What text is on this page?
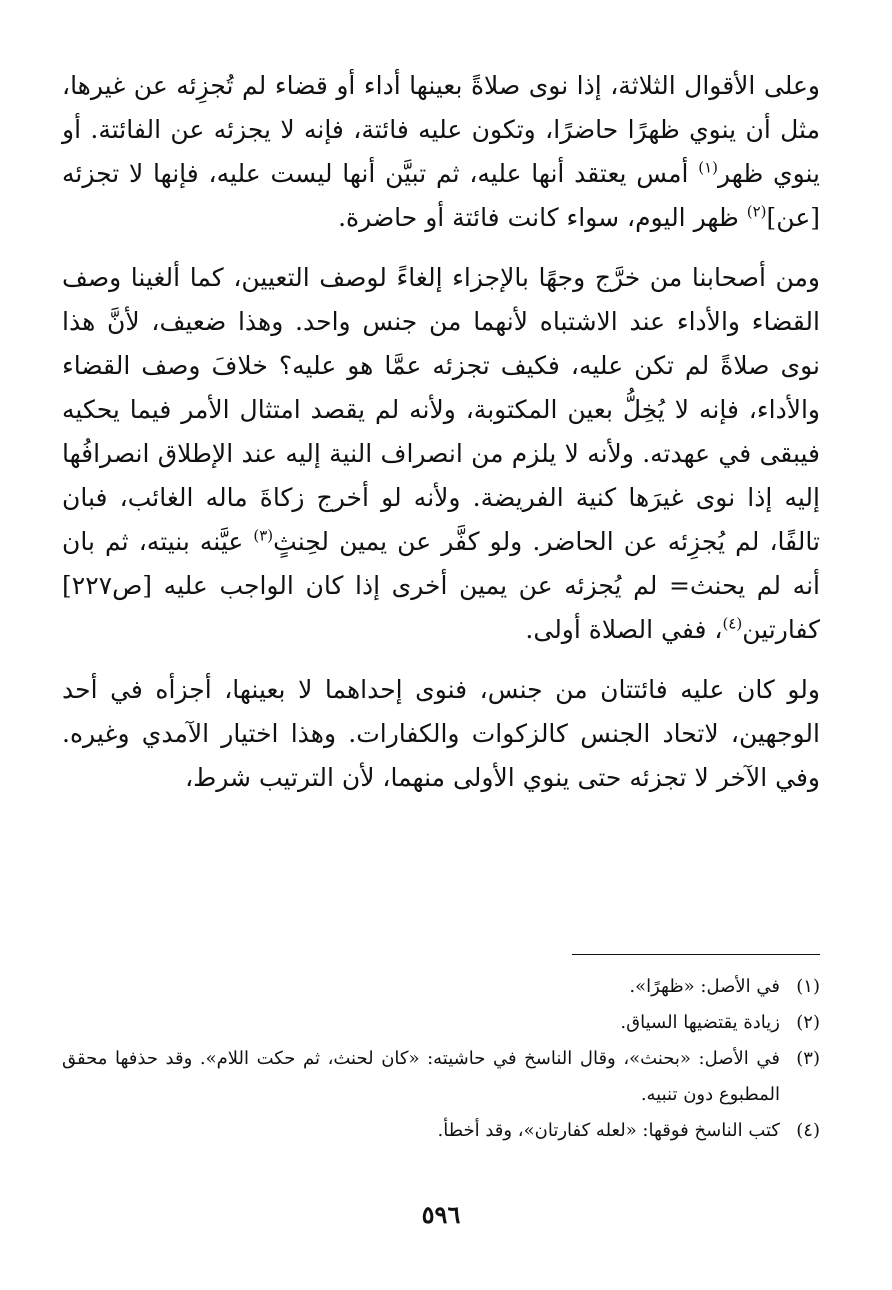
وعلى الأقوال الثلاثة، إذا نوى صلاةً بعينها أداء أو قضاء لم تُجزِئه عن غيرها، مثل أن ينوي ظهرًا حاضرًا، وتكون عليه فائتة، فإنه لا يجزئه عن الفائتة. أو ينوي ظهر$^{(١)}$ أمس يعتقد أنها عليه، ثم تبيَّن أنها ليست عليه، فإنها لا تجزئه [عن]$^{(٢)}$ ظهر اليوم، سواء كانت فائتة أو حاضرة.

ومن أصحابنا من خرَّج وجهًا بالإجزاء إلغاءً لوصف التعيين، كما ألغينا وصف القضاء والأداء عند الاشتباه لأنهما من جنس واحد. وهذا ضعيف، لأنَّ هذا نوى صلاةً لم تكن عليه، فكيف تجزئه عمَّا هو عليه؟ خلافَ وصف القضاء والأداء، فإنه لا يُخِلُّ بعين المكتوبة، ولأنه لم يقصد امتثال الأمر فيما يحكيه فيبقى في عهدته. ولأنه لا يلزم من انصراف النية إليه عند الإطلاق انصرافُها إليه إذا نوى غيرَها كنية الفريضة. ولأنه لو أخرج زكاةَ ماله الغائب، فبان تالفًا، لم يُجزِئه عن الحاضر. ولو كفَّر عن يمين لحِنثٍ$^{(٣)}$ عيَّنه بنيته، ثم بان أنه لم يحنث= لم يُجزئه عن يمين أخرى إذا كان الواجب عليه [ص٢٢٧] كفارتين$^{(٤)}$، ففي الصلاة أولى.

ولو كان عليه فائتتان من جنس، فنوى إحداهما لا بعينها، أجزأه في أحد الوجهين، لاتحاد الجنس كالزكوات والكفارات. وهذا اختيار الآمدي وغيره. وفي الآخر لا تجزئه حتى ينوي الأولى منهما، لأن الترتيب شرط،

(١)
في الأصل: «ظهرًا».
(٢)
زيادة يقتضيها السياق.
(٣)
في الأصل: «بحنث»، وقال الناسخ في حاشيته: «كان لحنث، ثم حكت اللام». وقد حذفها محقق المطبوع دون تنبيه.
(٤)
كتب الناسخ فوقها: «لعله كفارتان»، وقد أخطأ.
٥٩٦
